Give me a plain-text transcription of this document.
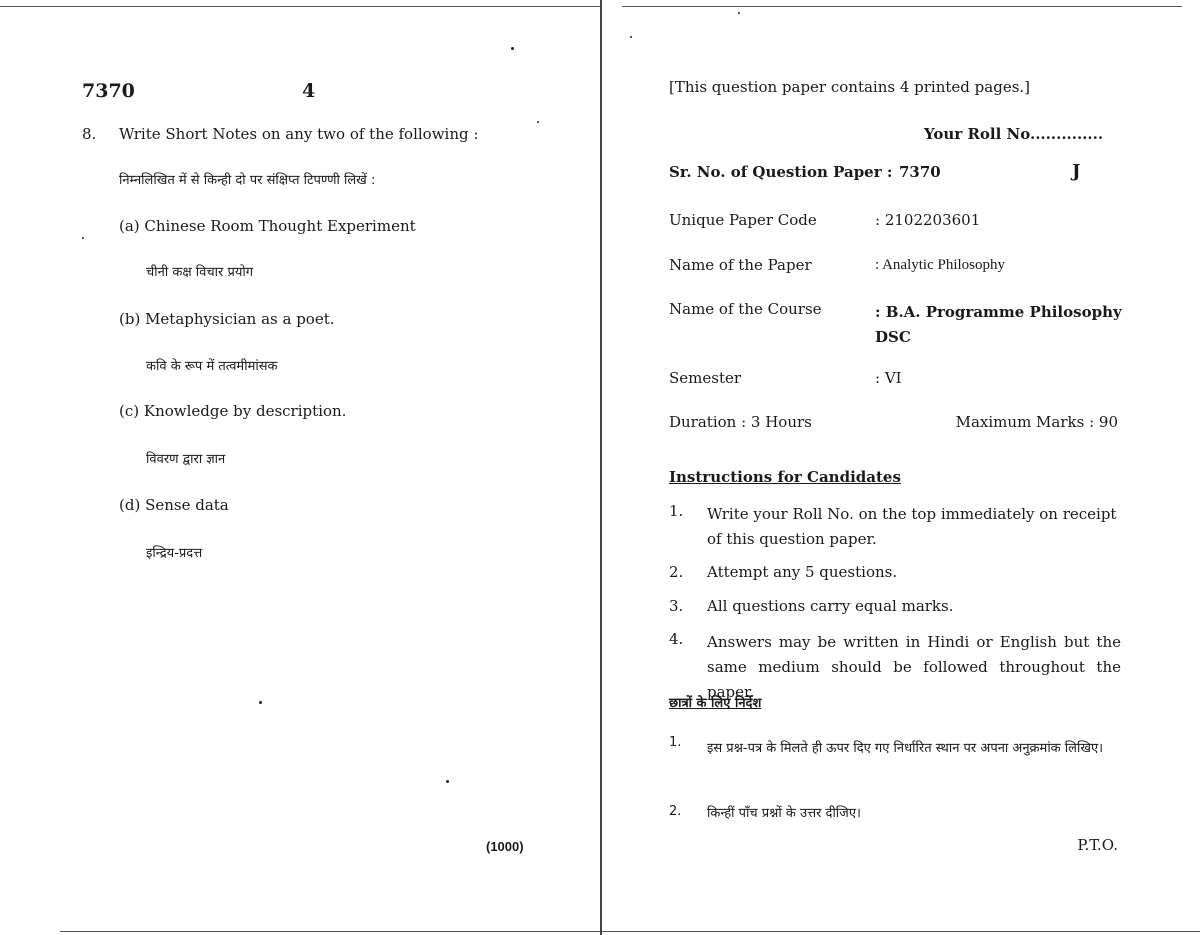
7370	4
8. Write Short Notes on any two of the following :
निम्नलिखित में से किन्ही दो पर संक्षिप्त टिपण्णी लिखें :
(a) Chinese Room Thought Experiment
चीनी कक्ष विचार प्रयोग
(b) Metaphysician as a poet.
कवि के रूप में तत्वमीमांसक
(c) Knowledge by description.
विवरण द्वारा ज्ञान
(d) Sense data
इन्द्रिय-प्रदत्त
(1000)
[This question paper contains 4 printed pages.]
Your Roll No..............
Sr. No. of Question Paper : 7370	J
Unique Paper Code	: 2102203601
Name of the Paper	: Analytic Philosophy
Name of the Course	: B.A. Programme Philosophy DSC
Semester	: VI
Duration : 3 Hours	Maximum Marks : 90
Instructions for Candidates
1. Write your Roll No. on the top immediately on receipt of this question paper.
2. Attempt any 5 questions.
3. All questions carry equal marks.
4. Answers may be written in Hindi or English but the same medium should be followed throughout the paper.
छात्रों के लिए निर्देश
1. इस प्रश्न-पत्र के मिलते ही ऊपर दिए गए निर्धारित स्थान पर अपना अनुक्रमांक लिखिए।
2. किन्हीं पाँच प्रश्नों के उत्तर दीजिए।
P.T.O.
